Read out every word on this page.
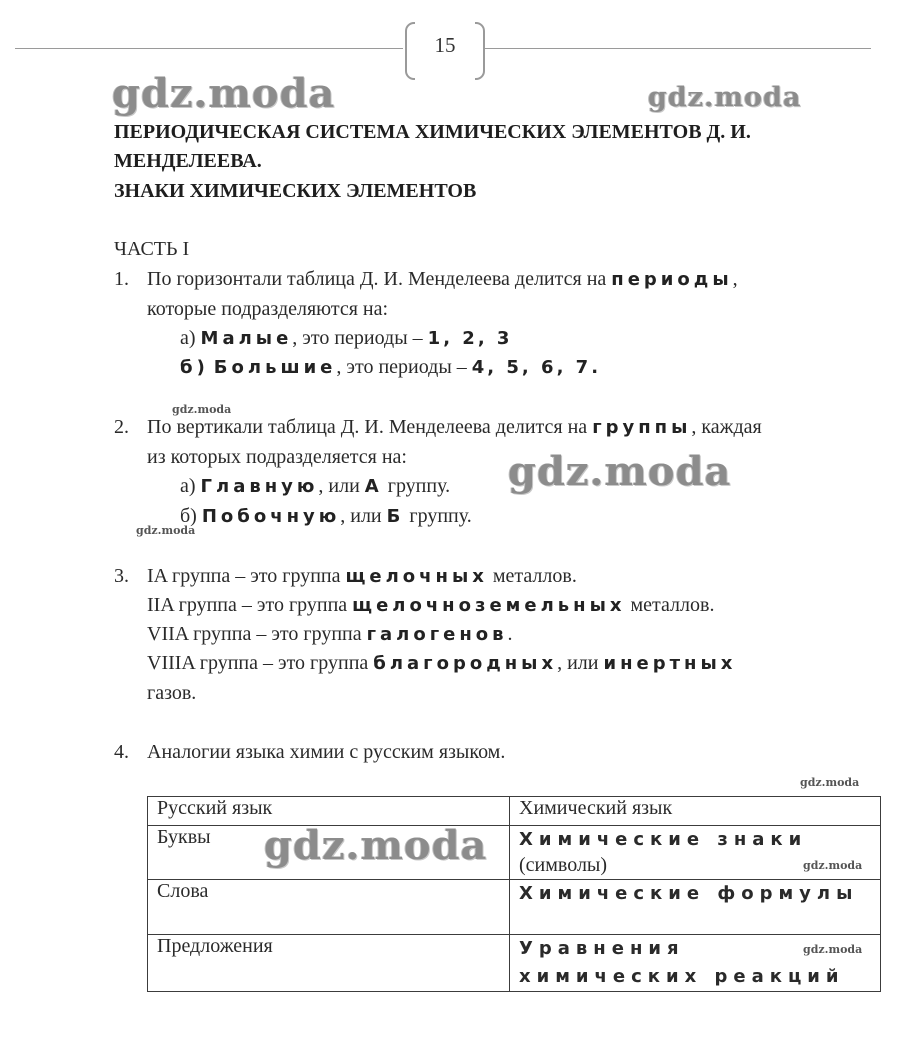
15
gdz.moda	gdz.moda
gdz.moda
gdz.moda
gdz.moda
gdz.moda
gdz.moda
ПЕРИОДИЧЕСКАЯ СИСТЕМА ХИМИЧЕСКИХ ЭЛЕМЕНТОВ Д. И.
МЕНДЕЛЕЕВА.
ЗНАКИ ХИМИЧЕСКИХ ЭЛЕМЕНТОВ
ЧАСТЬ I
1. По горизонтали таблица Д. И. Менделеева делится на периоды,
которые подразделяются на:
а) Малые, это периоды – 1, 2, 3
б) Большие, это периоды – 4, 5, 6, 7.
2. По вертикали таблица Д. И. Менделеева делится на группы, каждая
из которых подразделяется на:
а) Главную, или А группу.
б) Побочную, или Б группу.
3. IA группа – это группа щелочных металлов.
IIA группа – это группа щелочноземельных металлов.
VIIA группа – это группа галогенов.
VIIIA группа – это группа благородных, или инертных
газов.
4. Аналогии языка химии с русским языком.
Русский язык	Химический язык
Буквы	Химические знаки
(символы)

Слова	Химические формулы

Предложения	Уравнения
химических реакций
gdz.moda
gdz.moda
